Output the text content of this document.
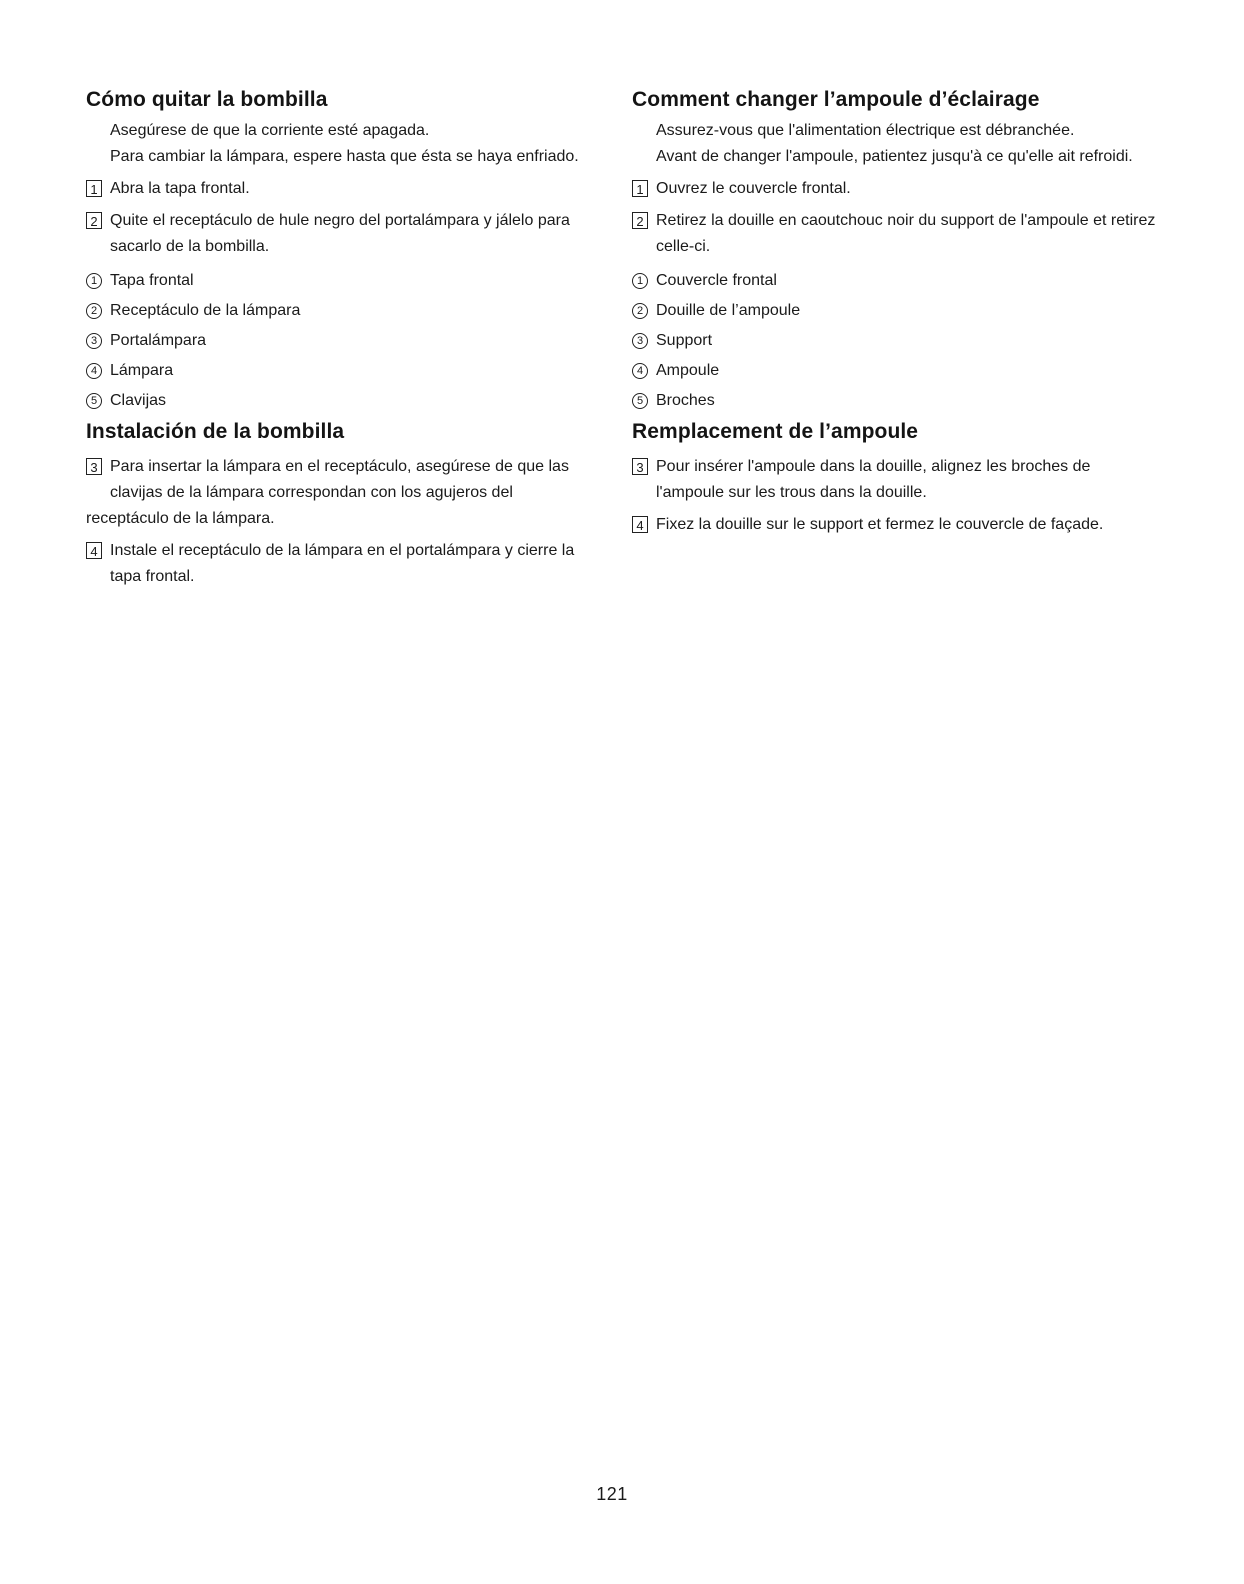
Cómo quitar la bombilla

Asegúrese de que la corriente esté apagada.
Para cambiar la lámpara, espere hasta que ésta se haya enfriado.

1 Abra la tapa frontal.

2 Quite el receptáculo de hule negro del portalámpara y jálelo para sacarlo de la bombilla.

1 Tapa frontal
2 Receptáculo de la lámpara
3 Portalámpara
4 Lámpara
5 Clavijas
Instalación de la bombilla

3 Para insertar la lámpara en el receptáculo, asegúrese de que las clavijas de la lámpara correspondan con los agujeros del
receptáculo de la lámpara.

4 Instale el receptáculo de la lámpara en el portalámpara y cierre la tapa frontal.

Comment changer l’ampoule d’éclairage

Assurez-vous que l'alimentation électrique est débranchée.
Avant de changer l'ampoule, patientez jusqu'à ce qu'elle ait refroidi.

1 Ouvrez le couvercle frontal.

2 Retirez la douille en caoutchouc noir du support de l'ampoule et retirez celle-ci.

1 Couvercle frontal
2 Douille de l’ampoule
3 Support
4 Ampoule
5 Broches
Remplacement de l’ampoule

3 Pour insérer l'ampoule dans la douille, alignez les broches de l'ampoule sur les trous dans la douille.

4 Fixez la douille sur le support et fermez le couvercle de façade.

121
